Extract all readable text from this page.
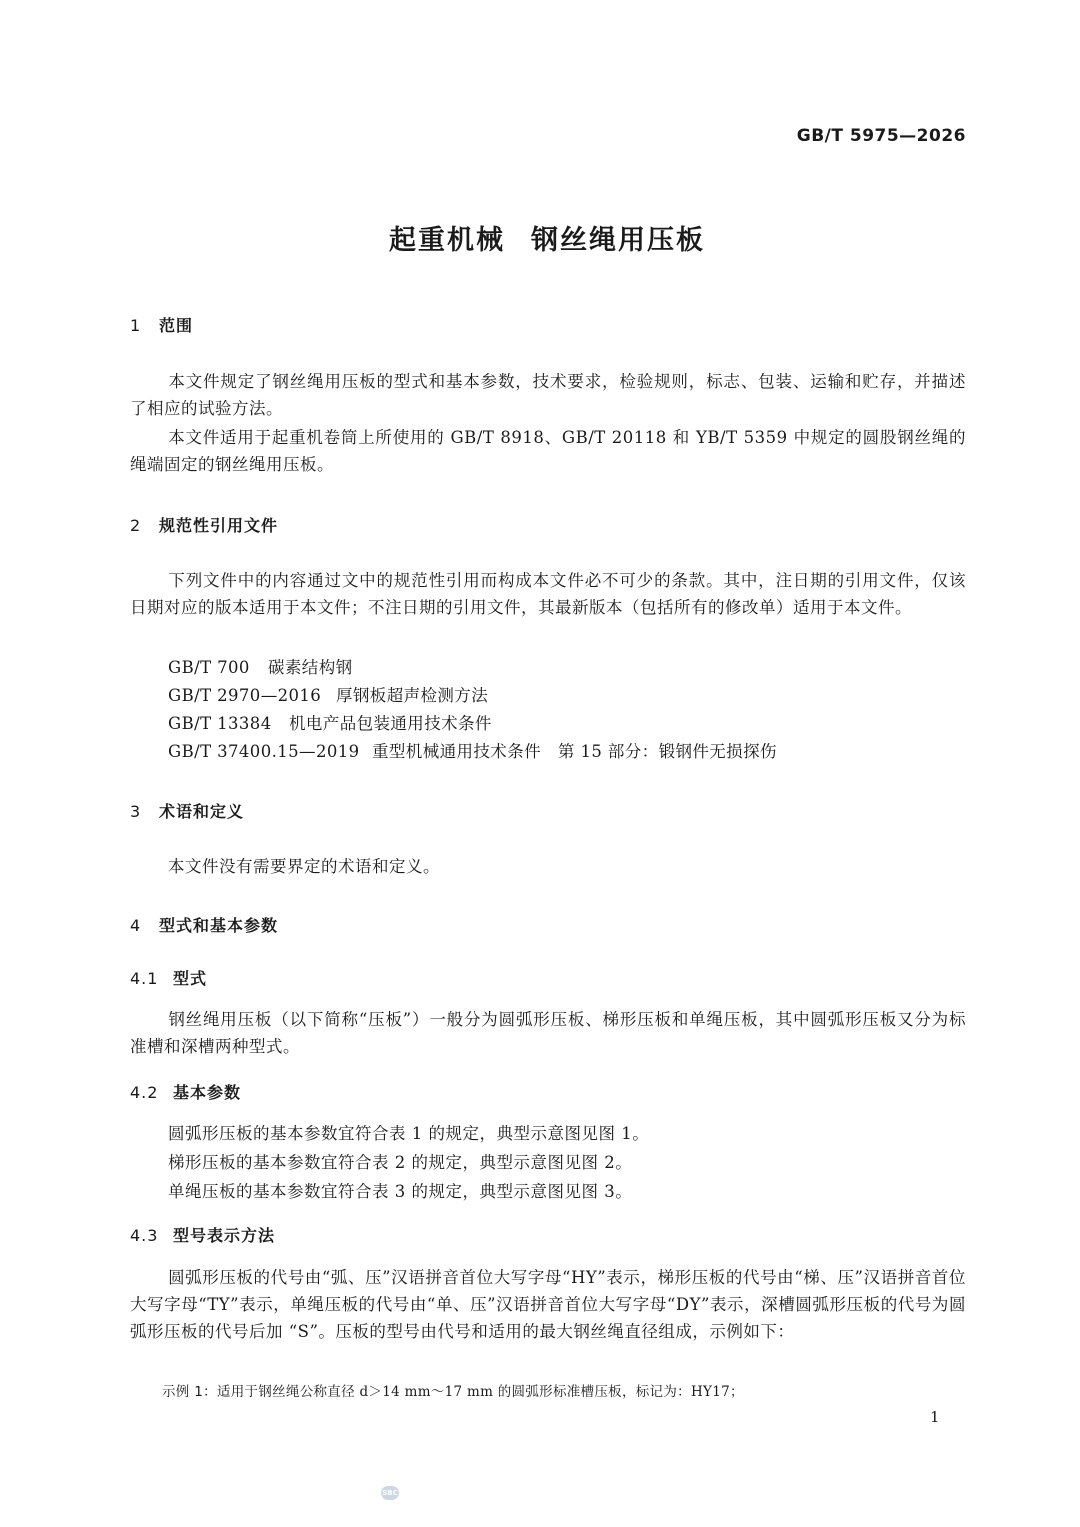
GB/T 5975—2026
起重机械 钢丝绳用压板
1 范围
本文件规定了钢丝绳用压板的型式和基本参数，技术要求，检验规则，标志、包装、运输和贮存，并描述了相应的试验方法。
本文件适用于起重机卷筒上所使用的 GB/T 8918、GB/T 20118 和 YB/T 5359 中规定的圆股钢丝绳的绳端固定的钢丝绳用压板。
2 规范性引用文件
下列文件中的内容通过文中的规范性引用而构成本文件必不可少的条款。其中，注日期的引用文件，仅该日期对应的版本适用于本文件；不注日期的引用文件，其最新版本（包括所有的修改单）适用于本文件。
GB/T 700 碳素结构钢
GB/T 2970—2016 厚钢板超声检测方法
GB/T 13384 机电产品包装通用技术条件
GB/T 37400.15—2019 重型机械通用技术条件　第 15 部分：锻钢件无损探伤
3 术语和定义
本文件没有需要界定的术语和定义。
4 型式和基本参数
4.1 型式
钢丝绳用压板（以下简称“压板”）一般分为圆弧形压板、梯形压板和单绳压板，其中圆弧形压板又分为标准槽和深槽两种型式。
4.2 基本参数
圆弧形压板的基本参数宜符合表 1 的规定，典型示意图见图 1。
梯形压板的基本参数宜符合表 2 的规定，典型示意图见图 2。
单绳压板的基本参数宜符合表 3 的规定，典型示意图见图 3。
4.3 型号表示方法
圆弧形压板的代号由“弧、压”汉语拼音首位大写字母“HY”表示，梯形压板的代号由“梯、压”汉语拼音首位大写字母“TY”表示，单绳压板的代号由“单、压”汉语拼音首位大写字母“DY”表示，深槽圆弧形压板的代号为圆弧形压板的代号后加 “S”。压板的型号由代号和适用的最大钢丝绳直径组成，示例如下：
示例 1：适用于钢丝绳公称直径 d＞14 mm～17 mm 的圆弧形标准槽压板，标记为：HY17；
1
SBC
